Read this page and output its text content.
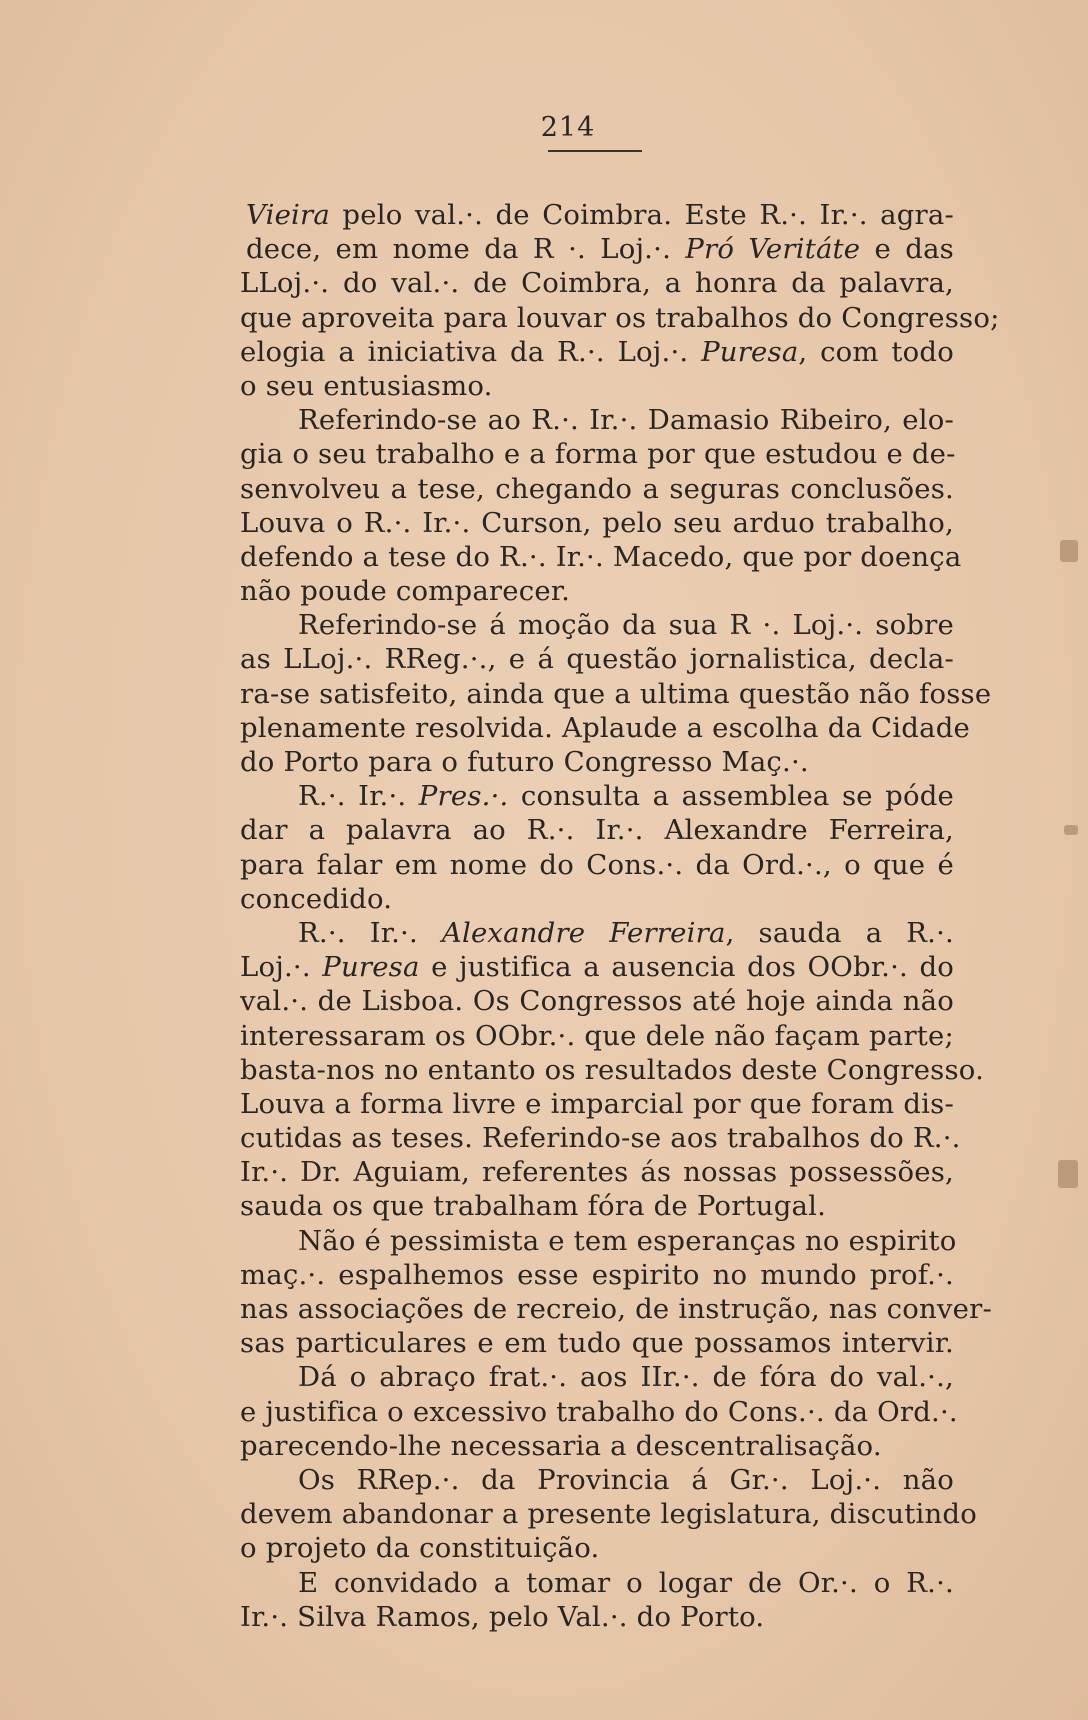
214
Vieira pelo val.·. de Coimbra. Este R.·. Ir.·. agra-
dece, em nome da R ·. Loj.·. Pró Veritáte e das
LLoj.·. do val.·. de Coimbra, a honra da palavra,
que aproveita para louvar os trabalhos do Congresso;
elogia a iniciativa da R.·. Loj.·. Puresa, com todo
o seu entusiasmo.
Referindo-se ao R.·. Ir.·. Damasio Ribeiro, elo-
gia o seu trabalho e a forma por que estudou e de-
senvolveu a tese, chegando a seguras conclusões.
Louva o R.·. Ir.·. Curson, pelo seu arduo trabalho,
defendo a tese do R.·. Ir.·. Macedo, que por doença
não poude comparecer.
Referindo-se á moção da sua R ·. Loj.·. sobre
as LLoj.·. RReg.·., e á questão jornalistica, decla-
ra-se satisfeito, ainda que a ultima questão não fosse
plenamente resolvida. Aplaude a escolha da Cidade
do Porto para o futuro Congresso Maç.·.
R.·. Ir.·. Pres.·. consulta a assemblea se póde
dar a palavra ao R.·. Ir.·. Alexandre Ferreira,
para falar em nome do Cons.·. da Ord.·., o que é
concedido.
R.·. Ir.·. Alexandre Ferreira, sauda a R.·.
Loj.·. Puresa e justifica a ausencia dos OObr.·. do
val.·. de Lisboa. Os Congressos até hoje ainda não
interessaram os OObr.·. que dele não façam parte;
basta-nos no entanto os resultados deste Congresso.
Louva a forma livre e imparcial por que foram dis-
cutidas as teses. Referindo-se aos trabalhos do R.·.
Ir.·. Dr. Aguiam, referentes ás nossas possessões,
sauda os que trabalham fóra de Portugal.
Não é pessimista e tem esperanças no espirito
maç.·. espalhemos esse espirito no mundo prof.·.
nas associações de recreio, de instrução, nas conver-
sas particulares e em tudo que possamos intervir.
Dá o abraço frat.·. aos IIr.·. de fóra do val.·.,
e justifica o excessivo trabalho do Cons.·. da Ord.·.
parecendo-lhe necessaria a descentralisação.
Os RRep.·. da Provincia á Gr.·. Loj.·. não
devem abandonar a presente legislatura, discutindo
o projeto da constituição.
E convidado a tomar o logar de Or.·. o R.·.
Ir.·. Silva Ramos, pelo Val.·. do Porto.
